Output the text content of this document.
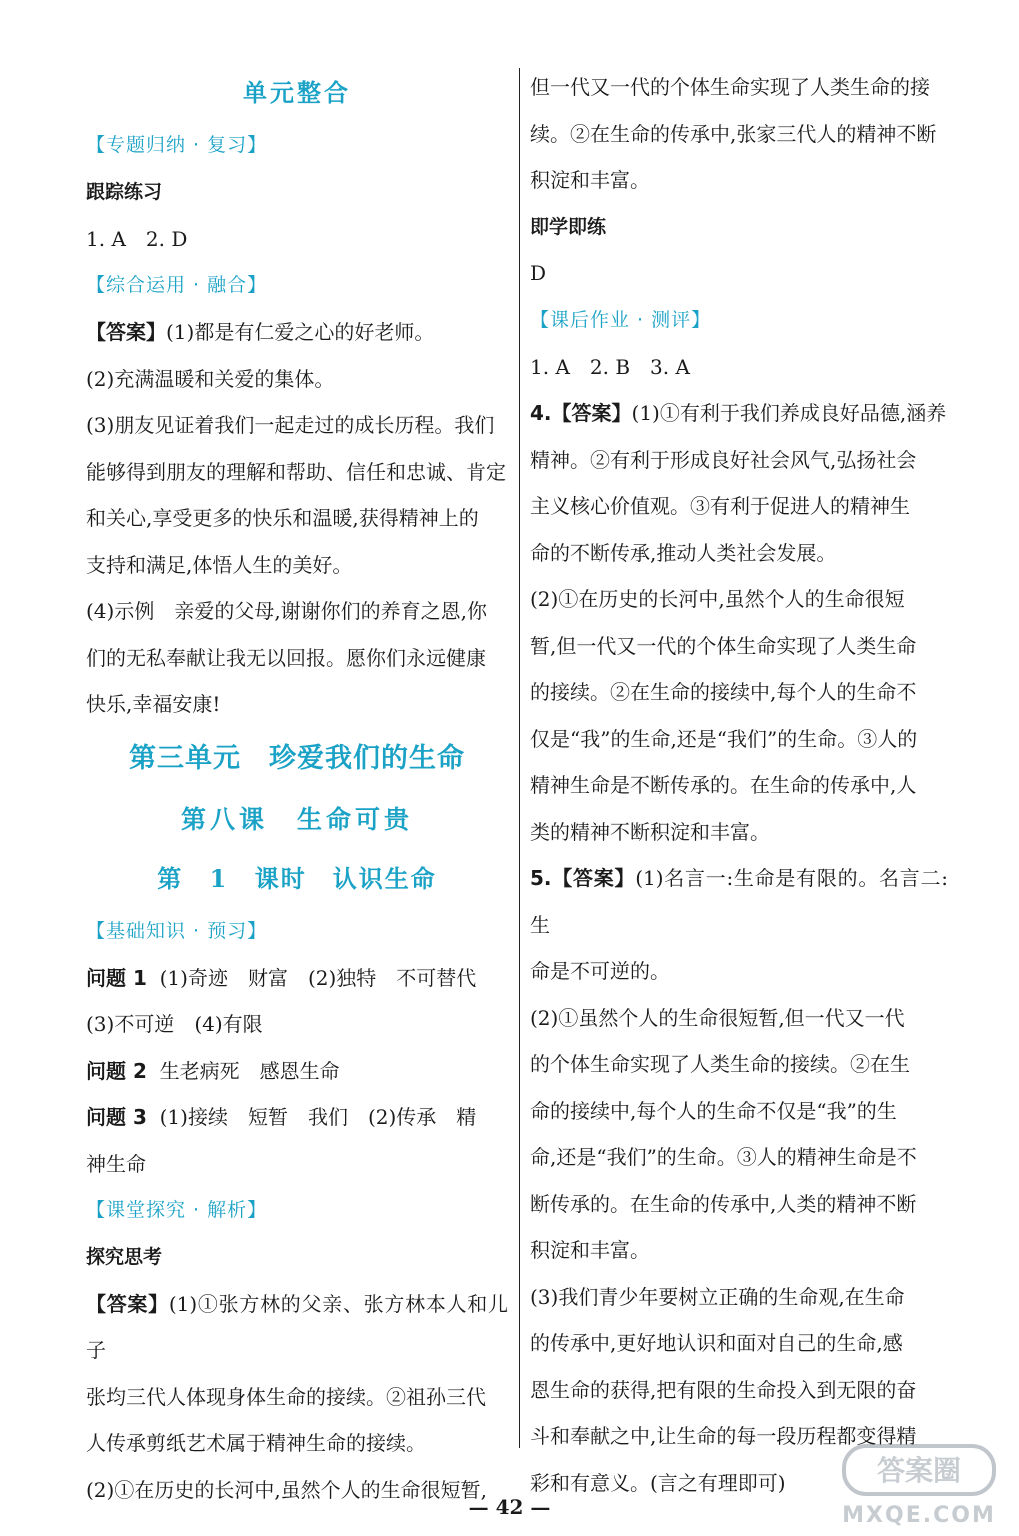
单元整合
【专题归纳 · 复习】

跟踪练习

1. A　2. D

【综合运用 · 融合】

【答案】(1)都是有仁爱之心的好老师。

(2)充满温暖和关爱的集体。

(3)朋友见证着我们一起走过的成长历程。我们

能够得到朋友的理解和帮助、信任和忠诚、肯定

和关心,享受更多的快乐和温暖,获得精神上的

支持和满足,体悟人生的美好。

(4)示例　亲爱的父母,谢谢你们的养育之恩,你

们的无私奉献让我无以回报。愿你们永远健康

快乐,幸福安康!

第三单元　珍爱我们的生命
第八课　生命可贵
第 1 课时　认识生命
【基础知识 · 预习】

问题 1 (1)奇迹　财富　(2)独特　不可替代

(3)不可逆　(4)有限

问题 2 生老病死　感恩生命

问题 3 (1)接续　短暂　我们　(2)传承　精

神生命

【课堂探究 · 解析】

探究思考

【答案】(1)①张方林的父亲、张方林本人和儿子

张均三代人体现身体生命的接续。②祖孙三代

人传承剪纸艺术属于精神生命的接续。

(2)①在历史的长河中,虽然个人的生命很短暂,

但一代又一代的个体生命实现了人类生命的接

续。②在生命的传承中,张家三代人的精神不断

积淀和丰富。

即学即练

D

【课后作业 · 测评】

1. A　2. B　3. A

4.【答案】(1)①有利于我们养成良好品德,涵养

精神。②有利于形成良好社会风气,弘扬社会

主义核心价值观。③有利于促进人的精神生

命的不断传承,推动人类社会发展。

(2)①在历史的长河中,虽然个人的生命很短

暂,但一代又一代的个体生命实现了人类生命

的接续。②在生命的接续中,每个人的生命不

仅是“我”的生命,还是“我们”的生命。③人的

精神生命是不断传承的。在生命的传承中,人

类的精神不断积淀和丰富。

5.【答案】(1)名言一:生命是有限的。名言二:生

命是不可逆的。

(2)①虽然个人的生命很短暂,但一代又一代

的个体生命实现了人类生命的接续。②在生

命的接续中,每个人的生命不仅是“我”的生

命,还是“我们”的生命。③人的精神生命是不

断传承的。在生命的传承中,人类的精神不断

积淀和丰富。

(3)我们青少年要树立正确的生命观,在生命

的传承中,更好地认识和面对自己的生命,感

恩生命的获得,把有限的生命投入到无限的奋

斗和奉献之中,让生命的每一段历程都变得精

彩和有意义。(言之有理即可)

— 42 —
答案圈
MXQE.COM
